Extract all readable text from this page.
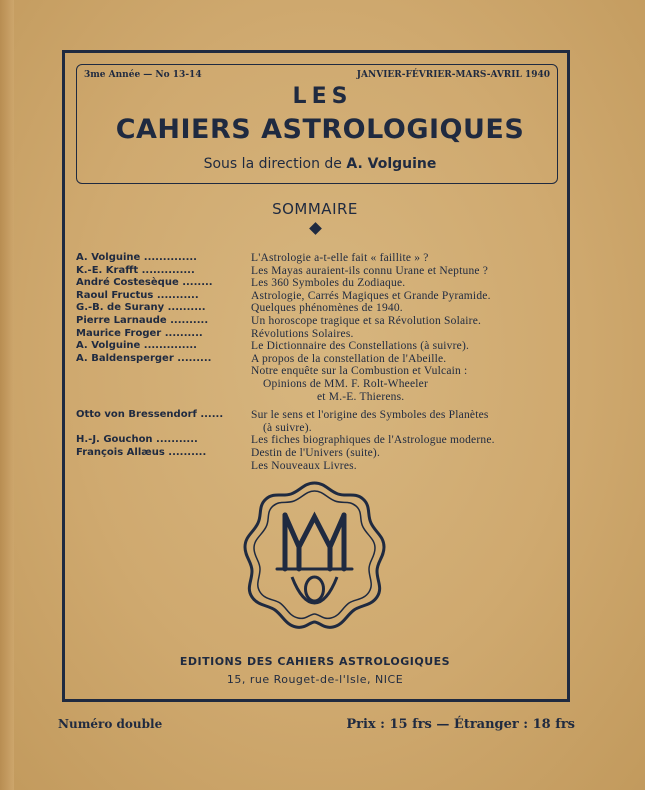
3me Année — No 13-14	JANVIER-FÉVRIER-MARS-AVRIL 1940
LES
CAHIERS ASTROLOGIQUES
Sous la direction de A. Volguine
SOMMAIRE
A. Volguine ..............	L'Astrologie a-t-elle fait « faillite » ?
K.-E. Krafft ..............	Les Mayas auraient-ils connu Urane et Neptune ?
André Costesèque ........	Les 360 Symboles du Zodiaque.
Raoul Fructus ...........	Astrologie, Carrés Magiques et Grande Pyramide.
G.-B. de Surany ..........	Quelques phénomènes de 1940.
Pierre Larnaude ..........	Un horoscope tragique et sa Révolution Solaire.
Maurice Froger ..........	Révolutions Solaires.
A. Volguine ..............	Le Dictionnaire des Constellations (à suivre).
A. Baldensperger .........	A propos de la constellation de l'Abeille.
Notre enquête sur la Combustion et Vulcain :
Opinions de MM. F. Rolt-Wheeler
et M.-E. Thierens.
Otto von Bressendorf ......	Sur le sens et l'origine des Symboles des Planètes
(à suivre).
H.-J. Gouchon ...........	Les fiches biographiques de l'Astrologue moderne.
François Allæus ..........	Destin de l'Univers (suite).
Les Nouveaux Livres.
EDITIONS DES CAHIERS ASTROLOGIQUES
15, rue Rouget-de-l'Isle, NICE
Numéro double	Prix : 15 frs — Étranger : 18 frs
